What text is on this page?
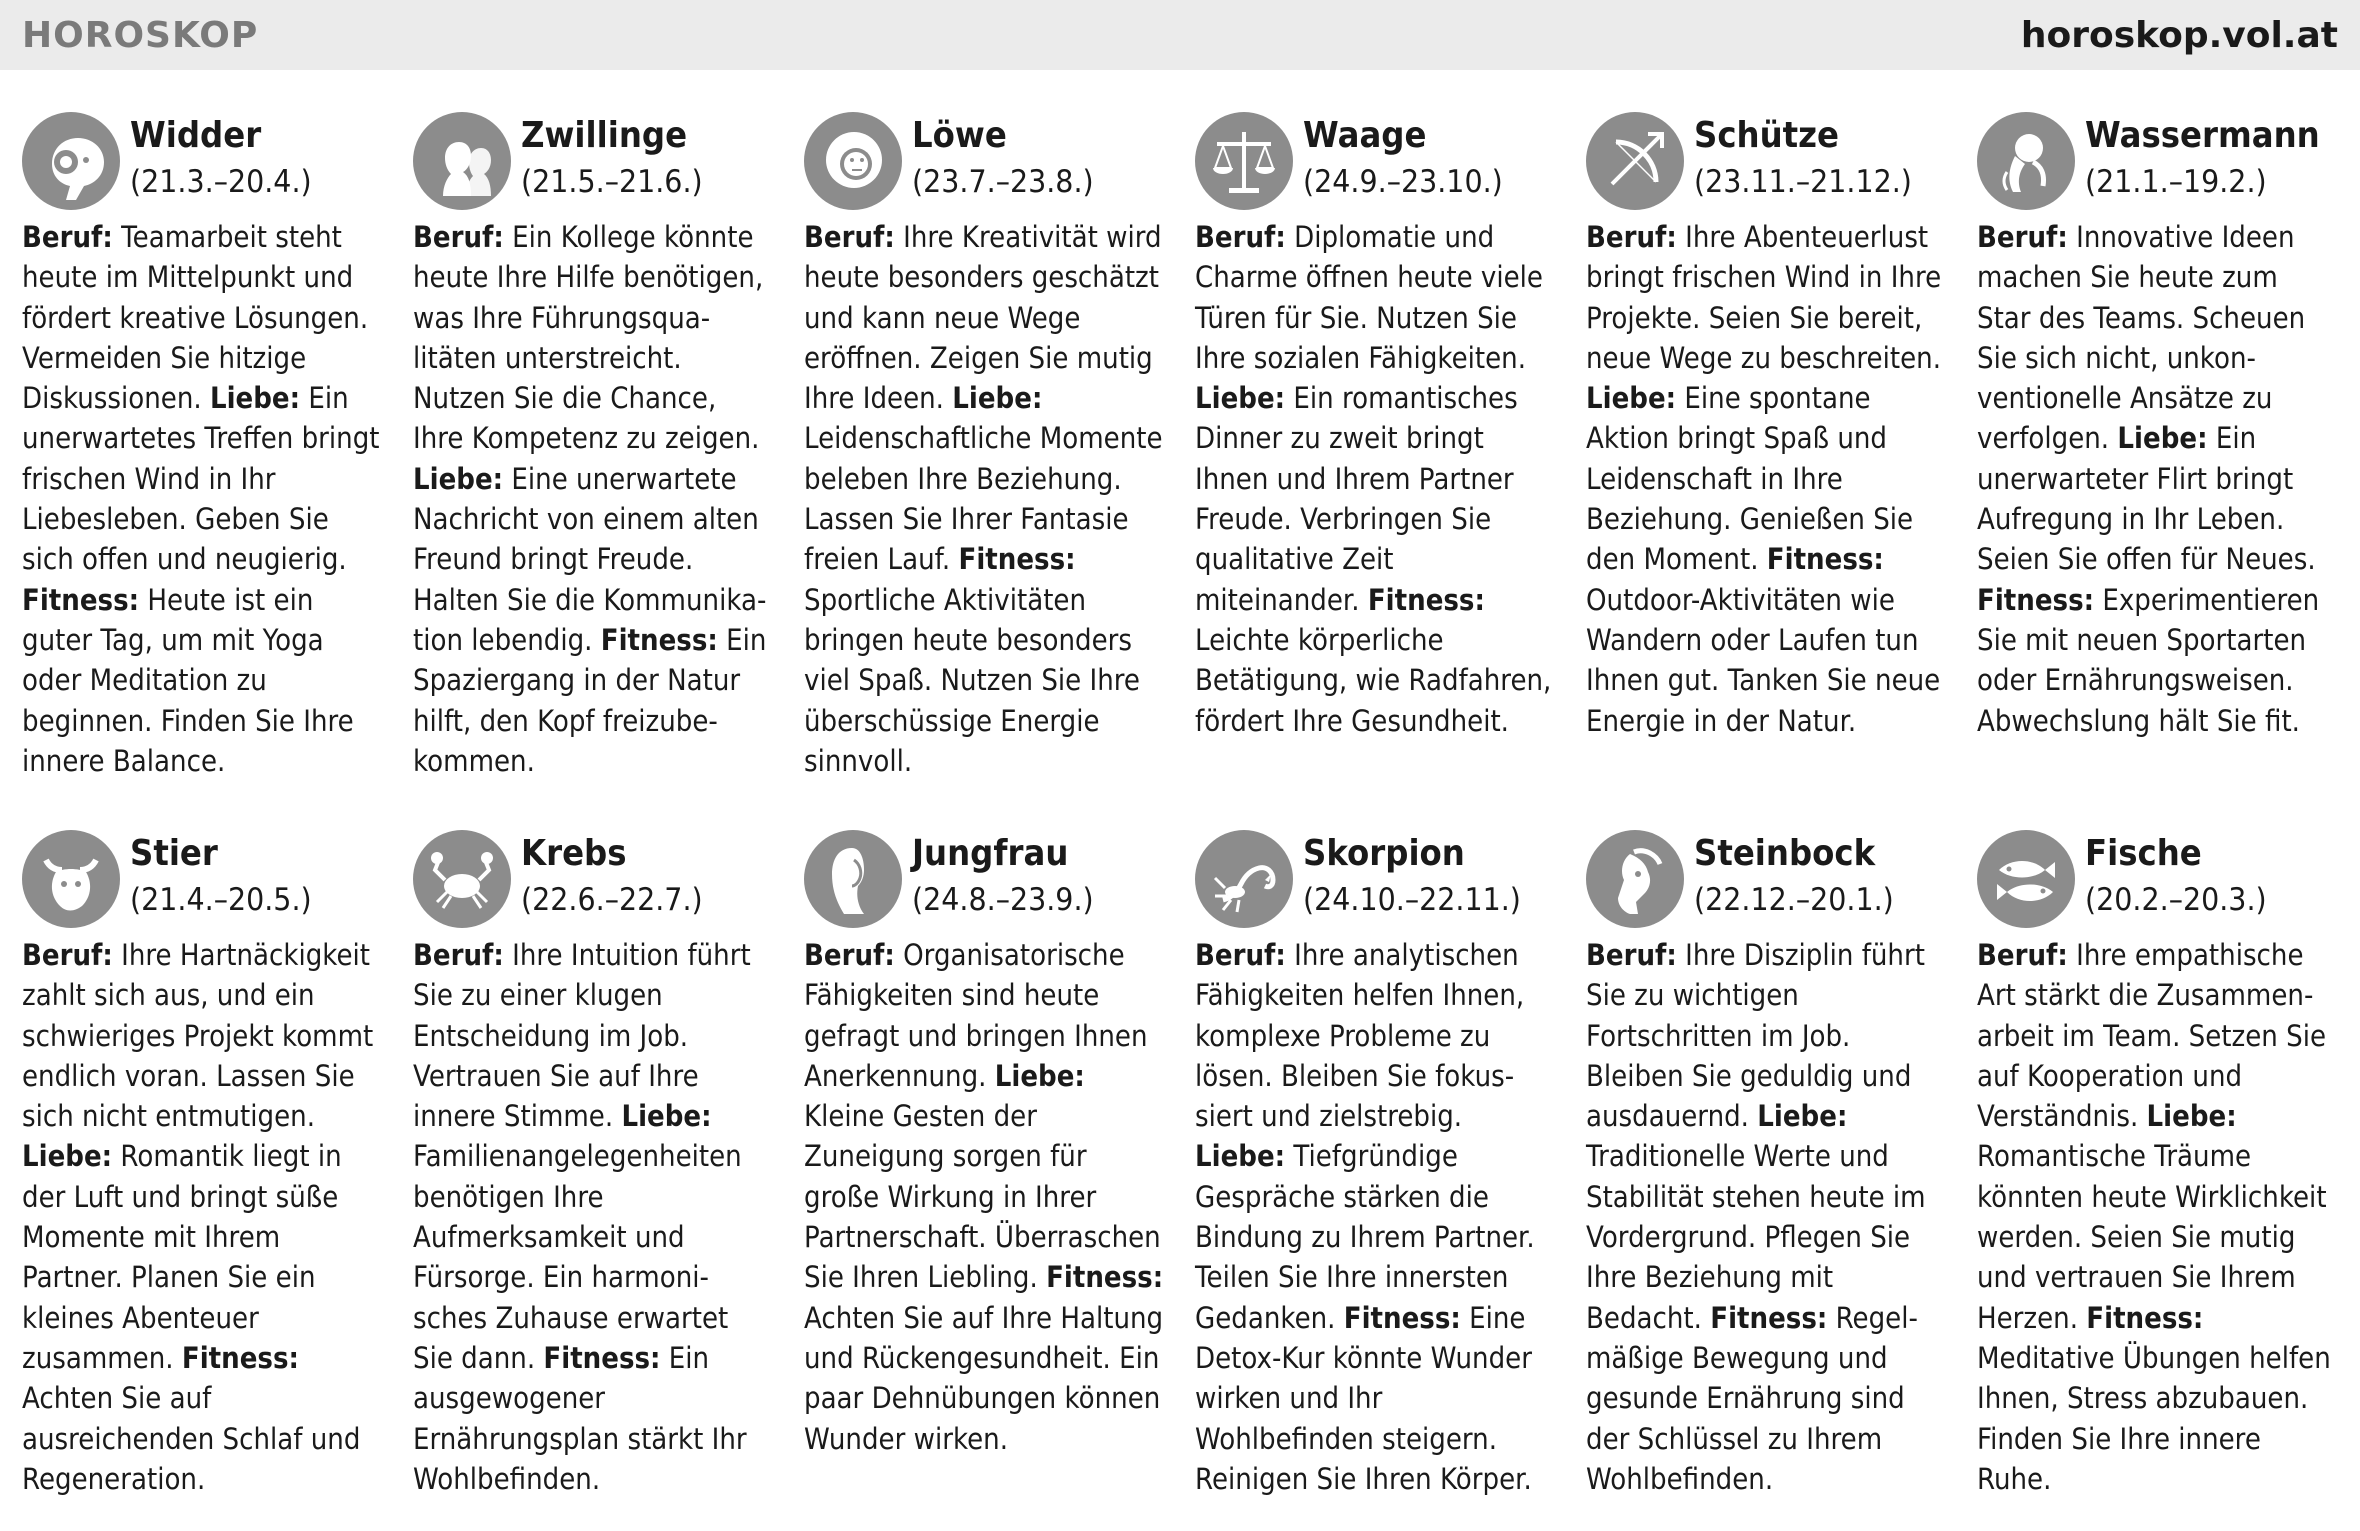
HOROSKOP	horoskop.vol.at
Widder
(21.3.–20.4.)
Beruf: Teamarbeit steht heute im Mittelpunkt und fördert kreative Lösungen. Vermeiden Sie hitzige Diskussionen. Liebe: Ein unerwartetes Treffen bringt frischen Wind in Ihr Liebesleben. Geben Sie sich offen und neugierig. Fitness: Heute ist ein guter Tag, um mit Yoga oder Meditation zu beginnen. Finden Sie Ihre innere Balance.
Zwillinge
(21.5.–21.6.)
Beruf: Ein Kollege könnte heute Ihre Hilfe benötigen, was Ihre Führungsqualitäten unterstreicht. Nutzen Sie die Chance, Ihre Kompetenz zu zeigen. Liebe: Eine unerwartete Nachricht von einem alten Freund bringt Freude. Halten Sie die Kommunikation lebendig. Fitness: Ein Spaziergang in der Natur hilft, den Kopf freizubekommen.
Löwe
(23.7.–23.8.)
Beruf: Ihre Kreativität wird heute besonders geschätzt und kann neue Wege eröffnen. Zeigen Sie mutig Ihre Ideen. Liebe: Leidenschaftliche Momente beleben Ihre Beziehung. Lassen Sie Ihrer Fantasie freien Lauf. Fitness: Sportliche Aktivitäten bringen heute besonders viel Spaß. Nutzen Sie Ihre überschüssige Energie sinnvoll.
Waage
(24.9.–23.10.)
Beruf: Diplomatie und Charme öffnen heute viele Türen für Sie. Nutzen Sie Ihre sozialen Fähigkeiten. Liebe: Ein romantisches Dinner zu zweit bringt Ihnen und Ihrem Partner Freude. Verbringen Sie qualitative Zeit miteinander. Fitness: Leichte körperliche Betätigung, wie Radfahren, fördert Ihre Gesundheit.
Schütze
(23.11.–21.12.)
Beruf: Ihre Abenteuerlust bringt frischen Wind in Ihre Projekte. Seien Sie bereit, neue Wege zu beschreiten. Liebe: Eine spontane Aktion bringt Spaß und Leidenschaft in Ihre Beziehung. Genießen Sie den Moment. Fitness: Outdoor-Aktivitäten wie Wandern oder Laufen tun Ihnen gut. Tanken Sie neue Energie in der Natur.
Wassermann
(21.1.–19.2.)
Beruf: Innovative Ideen machen Sie heute zum Star des Teams. Scheuen Sie sich nicht, unkonventionelle Ansätze zu verfolgen. Liebe: Ein unerwarteter Flirt bringt Aufregung in Ihr Leben. Seien Sie offen für Neues. Fitness: Experimentieren Sie mit neuen Sportarten oder Ernährungsweisen. Abwechslung hält Sie fit.
Stier
(21.4.–20.5.)
Beruf: Ihre Hartnäckigkeit zahlt sich aus, und ein schwieriges Projekt kommt endlich voran. Lassen Sie sich nicht entmutigen. Liebe: Romantik liegt in der Luft und bringt süße Momente mit Ihrem Partner. Planen Sie ein kleines Abenteuer zusammen. Fitness: Achten Sie auf ausreichenden Schlaf und Regeneration.
Krebs
(22.6.–22.7.)
Beruf: Ihre Intuition führt Sie zu einer klugen Entscheidung im Job. Vertrauen Sie auf Ihre innere Stimme. Liebe: Familienangelegenheiten benötigen Ihre Aufmerksamkeit und Fürsorge. Ein harmonisches Zuhause erwartet Sie dann. Fitness: Ein ausgewogener Ernährungsplan stärkt Ihr Wohlbefinden.
Jungfrau
(24.8.–23.9.)
Beruf: Organisatorische Fähigkeiten sind heute gefragt und bringen Ihnen Anerkennung. Liebe: Kleine Gesten der Zuneigung sorgen für große Wirkung in Ihrer Partnerschaft. Überraschen Sie Ihren Liebling. Fitness: Achten Sie auf Ihre Haltung und Rückengesundheit. Ein paar Dehnübungen können Wunder wirken.
Skorpion
(24.10.–22.11.)
Beruf: Ihre analytischen Fähigkeiten helfen Ihnen, komplexe Probleme zu lösen. Bleiben Sie fokussiert und zielstrebig. Liebe: Tiefgründige Gespräche stärken die Bindung zu Ihrem Partner. Teilen Sie Ihre innersten Gedanken. Fitness: Eine Detox-Kur könnte Wunder wirken und Ihr Wohlbefinden steigern. Reinigen Sie Ihren Körper.
Steinbock
(22.12.–20.1.)
Beruf: Ihre Disziplin führt Sie zu wichtigen Fortschritten im Job. Bleiben Sie geduldig und ausdauernd. Liebe: Traditionelle Werte und Stabilität stehen heute im Vordergrund. Pflegen Sie Ihre Beziehung mit Bedacht. Fitness: Regelmäßige Bewegung und gesunde Ernährung sind der Schlüssel zu Ihrem Wohlbefinden.
Fische
(20.2.–20.3.)
Beruf: Ihre empathische Art stärkt die Zusammenarbeit im Team. Setzen Sie auf Kooperation und Verständnis. Liebe: Romantische Träume könnten heute Wirklichkeit werden. Seien Sie mutig und vertrauen Sie Ihrem Herzen. Fitness: Meditative Übungen helfen Ihnen, Stress abzubauen. Finden Sie Ihre innere Ruhe.
